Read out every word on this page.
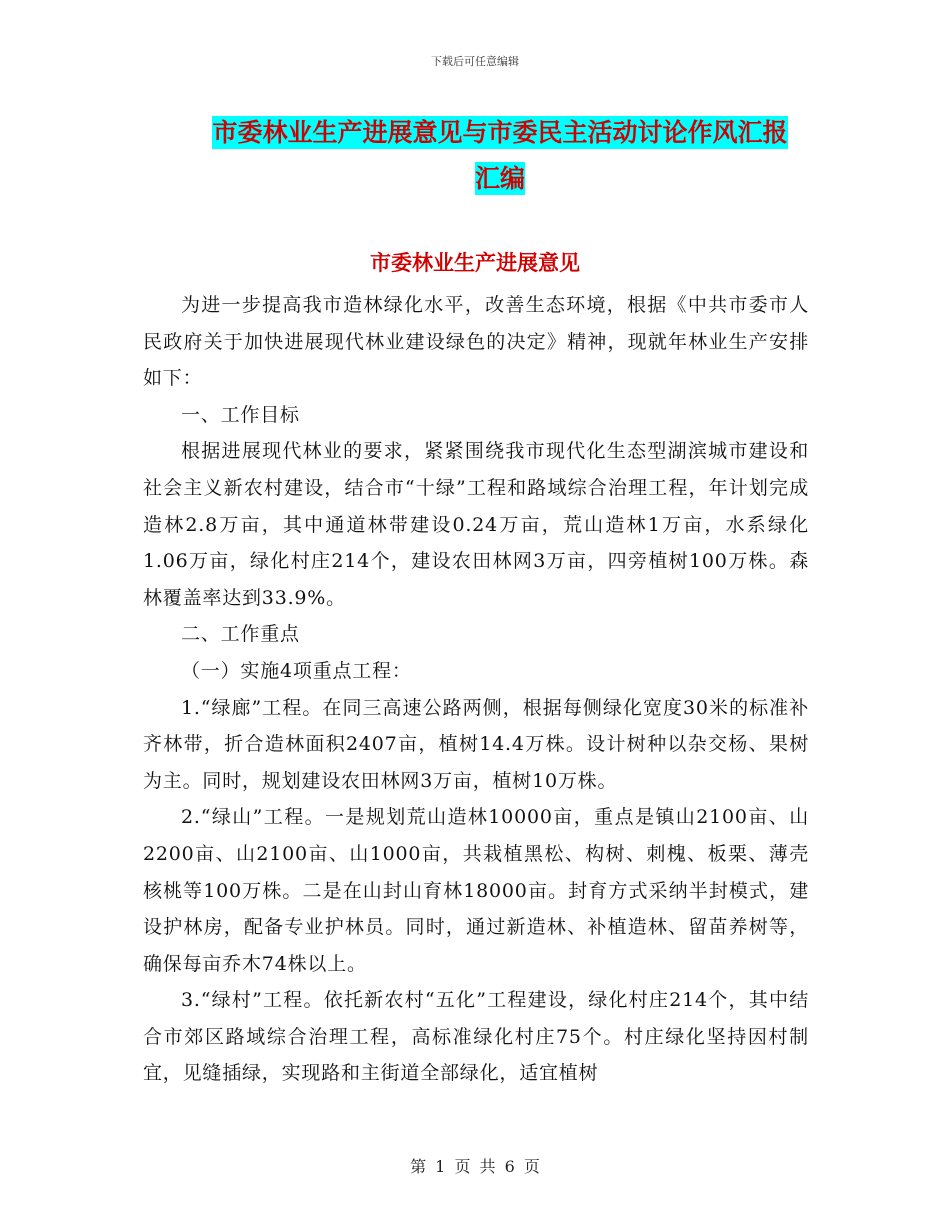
下载后可任意编辑
市委林业生产进展意见与市委民主活动讨论作风汇报
汇编
市委林业生产进展意见

为进一步提高我市造林绿化水平，改善生态环境，根据《中共市委市人民政府关于加快进展现代林业建设绿色的决定》精神，现就年林业生产安排如下：

一、工作目标

根据进展现代林业的要求，紧紧围绕我市现代化生态型湖滨城市建设和社会主义新农村建设，结合市“十绿”工程和路域综合治理工程，年计划完成造林2.8万亩，其中通道林带建设0.24万亩，荒山造林1万亩，水系绿化1.06万亩，绿化村庄214个，建设农田林网3万亩，四旁植树100万株。森林覆盖率达到33.9%。

二、工作重点

（一）实施4项重点工程：

1.“绿廊”工程。在同三高速公路两侧，根据每侧绿化宽度30米的标准补齐林带，折合造林面积2407亩，植树14.4万株。设计树种以杂交杨、果树为主。同时，规划建设农田林网3万亩，植树10万株。

2.“绿山”工程。一是规划荒山造林10000亩，重点是镇山2100亩、山2200亩、山2100亩、山1000亩，共栽植黑松、构树、刺槐、板栗、薄壳核桃等100万株。二是在山封山育林18000亩。封育方式采纳半封模式，建设护林房，配备专业护林员。同时，通过新造林、补植造林、留苗养树等，确保每亩乔木74株以上。

3.“绿村”工程。依托新农村“五化”工程建设，绿化村庄214个，其中结合市郊区路域综合治理工程，高标准绿化村庄75个。村庄绿化坚持因村制宜，见缝插绿，实现路和主街道全部绿化，适宜植树

第 1 页 共 6 页
